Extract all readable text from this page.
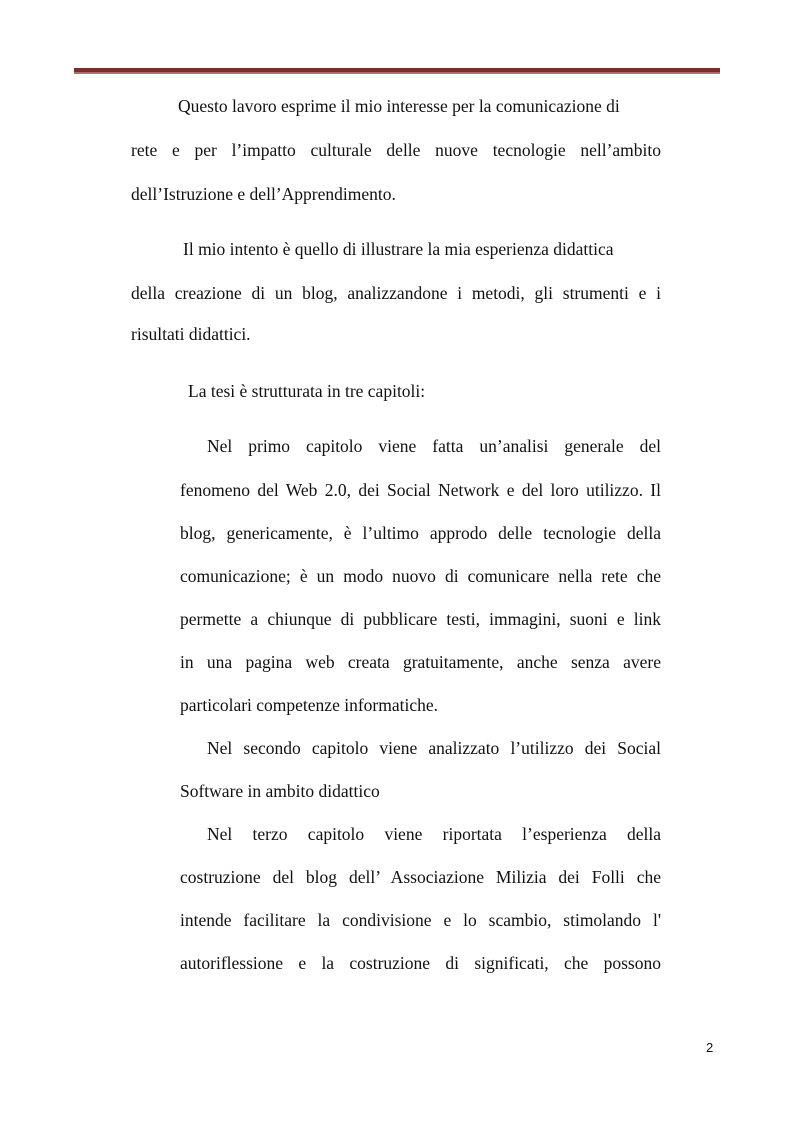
Questo lavoro esprime il mio interesse per la comunicazione di
rete e per l’impatto culturale delle nuove tecnologie nell’ambito
dell’Istruzione e dell’Apprendimento.
Il mio intento è quello di illustrare la mia esperienza didattica
della creazione di un blog, analizzandone i metodi, gli strumenti e i
risultati didattici.
La tesi è strutturata in tre capitoli:
Nel primo capitolo viene fatta un’analisi generale del
fenomeno del Web 2.0, dei Social Network e del loro utilizzo. Il
blog, genericamente, è l’ultimo approdo delle tecnologie della
comunicazione; è un modo nuovo di comunicare nella rete che
permette a chiunque di pubblicare testi, immagini, suoni e link
in una pagina web creata gratuitamente, anche senza avere
particolari competenze informatiche.
Nel secondo capitolo viene analizzato l’utilizzo dei Social
Software in ambito didattico
Nel terzo capitolo viene riportata l’esperienza della
costruzione del blog dell’ Associazione Milizia dei Folli che
intende facilitare la condivisione e lo scambio, stimolando l'
autoriflessione e la costruzione di significati, che possono
2
